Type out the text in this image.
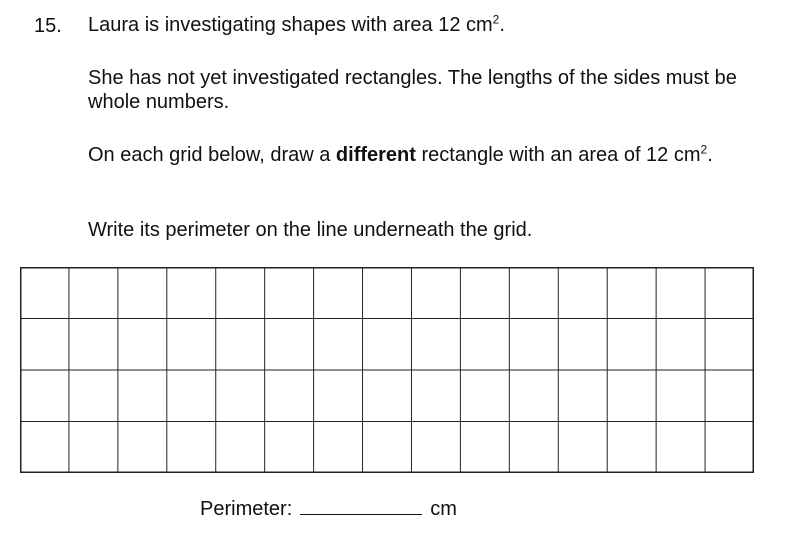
15. Laura is investigating shapes with area 12 $cm^2$.
She has not yet investigated rectangles. The lengths of the sides must be whole numbers.
On each grid below, draw a different rectangle with an area of 12 $cm^2$.
Write its perimeter on the line underneath the grid.
Perimeter:	cm
